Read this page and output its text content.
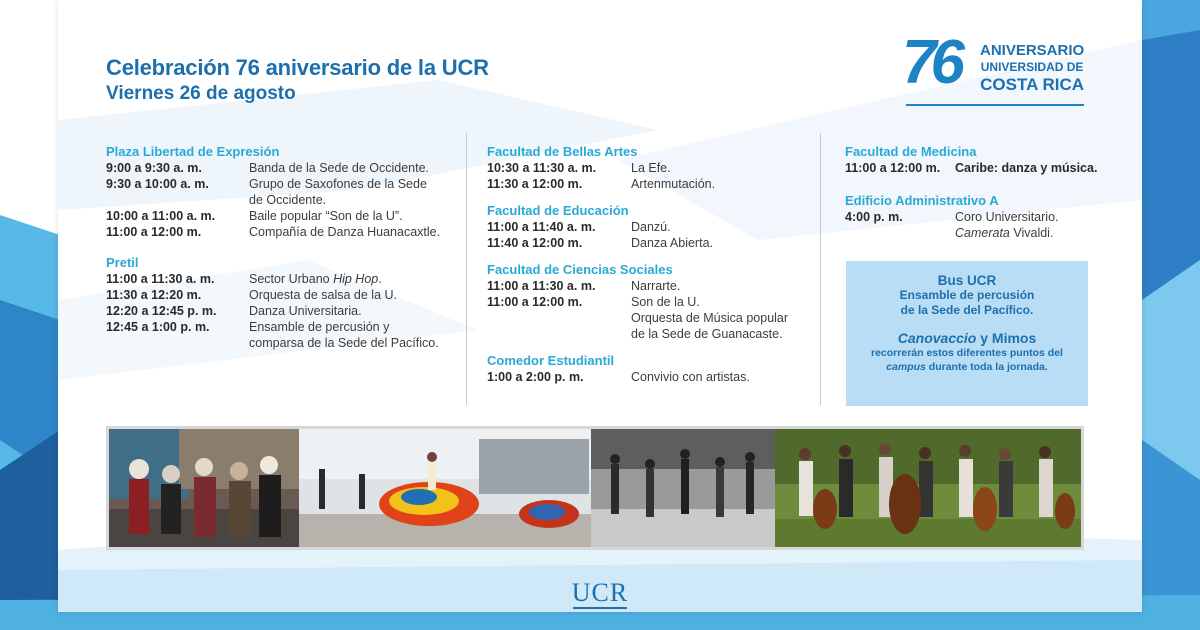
Celebración 76 aniversario de la UCR
Viernes 26 de agosto	76 ANIVERSARIO
UNIVERSIDAD DE
COSTA RICA
Plaza Libertad de Expresión
9:00 a 9:30 a. m.	Banda de la Sede de Occidente.
9:30 a 10:00 a. m.	Grupo de Saxofones de la Sede
de Occidente.
10:00 a 11:00 a. m.	Baile popular “Son de la U”.
11:00 a 12:00 m.	Compañía de Danza Huanacaxtle.
Pretil
11:00 a 11:30 a. m.	Sector Urbano Hip Hop.
11:30 a 12:20 m.	Orquesta de salsa de la U.
12:20 a 12:45 p. m.	Danza Universitaria.
12:45 a 1:00 p. m.	Ensamble de percusión y
comparsa de la Sede del Pacífico.
Facultad de Bellas Artes
10:30 a 11:30 a. m.	La Efe.
11:30 a 12:00 m.	Artenmutación.
Facultad de Educación
11:00 a 11:40 a. m.	Danzú.
11:40 a 12:00 m.	Danza Abierta.
Facultad de Ciencias Sociales
11:00 a 11:30 a. m.	Narrarte.
11:00 a 12:00 m.	Son de la U.
Orquesta de Música popular
de la Sede de Guanacaste.
Comedor Estudiantil
1:00 a 2:00 p. m.	Convivio con artistas.
Facultad de Medicina
11:00 a 12:00 m.	Caribe: danza y música.
Edificio Administrativo A
4:00 p. m.	Coro Universitario.
Camerata Vivaldi.
Bus UCR
Ensamble de percusión
de la Sede del Pacífico.
Canovaccio y Mimos
recorrerán estos diferentes puntos del
campus durante toda la jornada.
UCR
